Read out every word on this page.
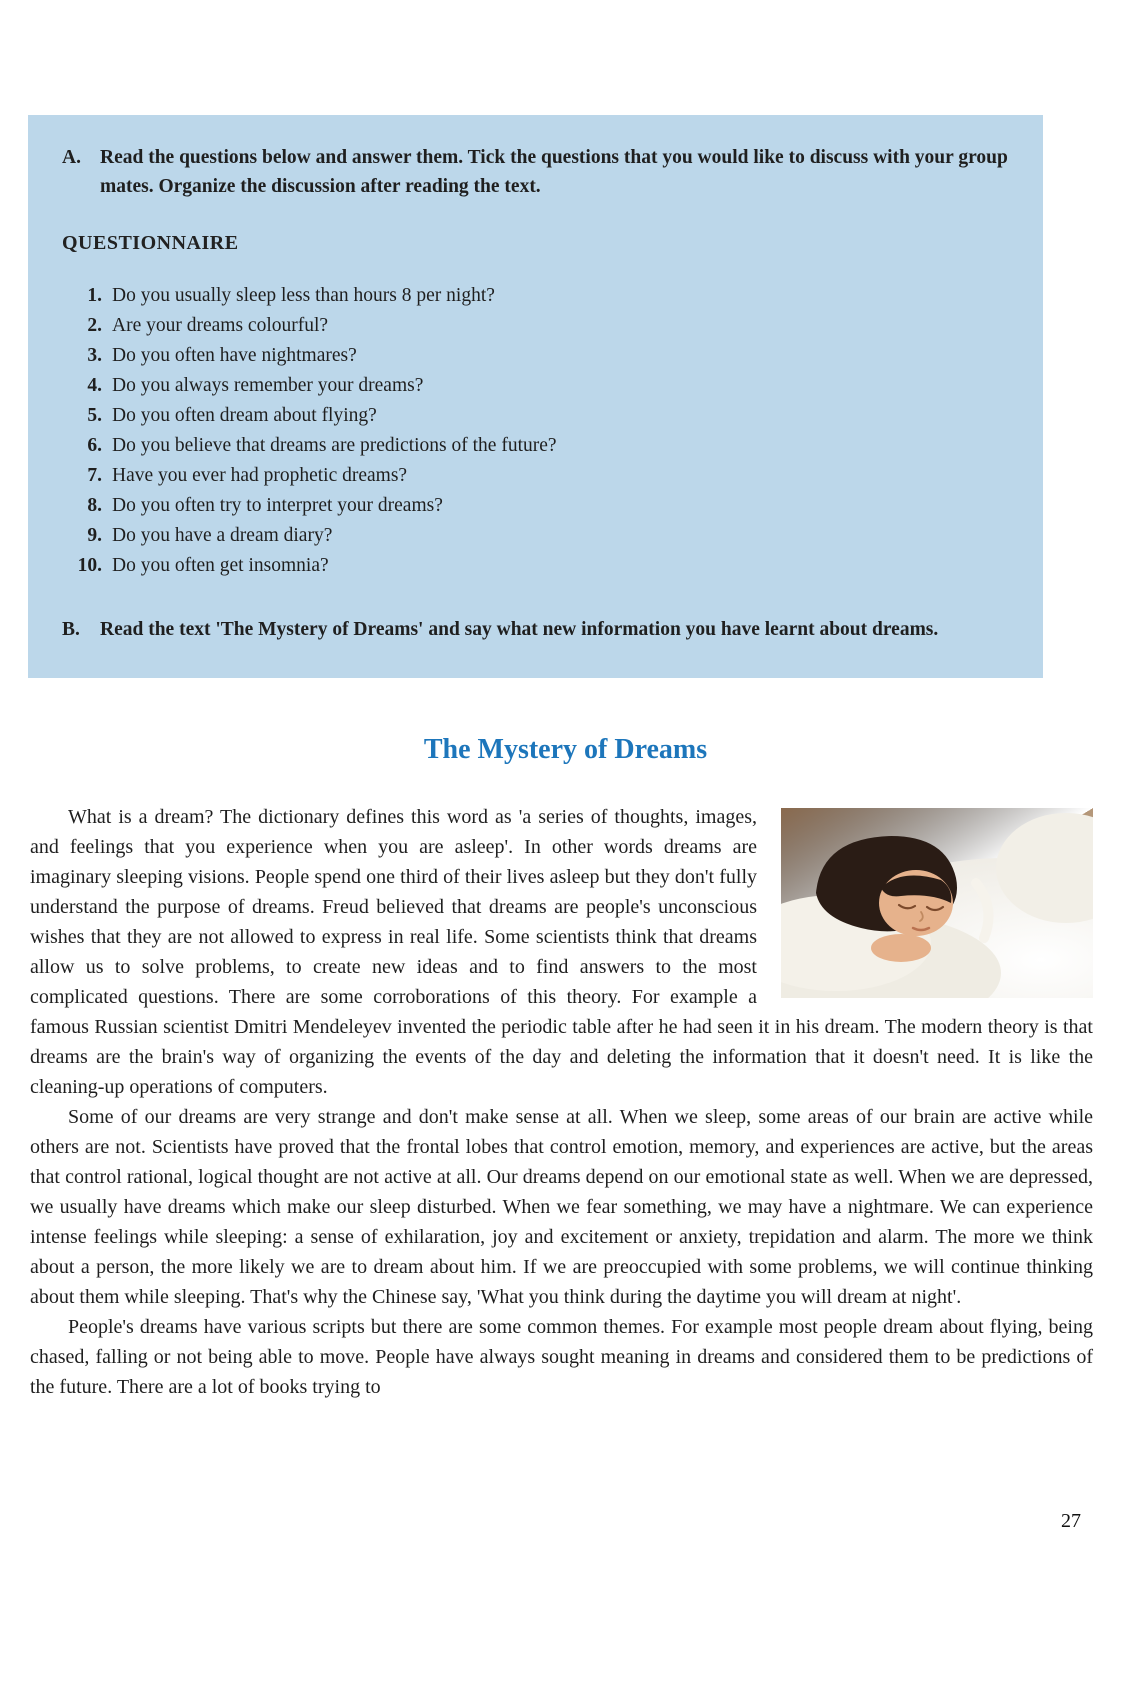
A. Read the questions below and answer them. Tick the questions that you would like to discuss with your group mates. Organize the discussion after reading the text.
QUESTIONNAIRE
1. Do you usually sleep less than hours 8 per night?
2. Are your dreams colourful?
3. Do you often have nightmares?
4. Do you always remember your dreams?
5. Do you often dream about flying?
6. Do you believe that dreams are predictions of the future?
7. Have you ever had prophetic dreams?
8. Do you often try to interpret your dreams?
9. Do you have a dream diary?
10. Do you often get insomnia?
B.	Read the text 'The Mystery of Dreams' and say what new information you have learnt about dreams.
The Mystery of Dreams
What is a dream? The dictionary defines this word as 'a series of thoughts, images, and feelings that you experience when you are asleep'. In other words dreams are imaginary sleeping visions. People spend one third of their lives asleep but they don't fully understand the purpose of dreams. Freud believed that dreams are people's unconscious wishes that they are not allowed to express in real life. Some scientists think that dreams allow us to solve problems, to create new ideas and to find answers to the most complicated questions. There are some corroborations of this theory. For example a famous Russian scientist Dmitri Mendeleyev invented the periodic table after he had seen it in his dream. The modern theory is that dreams are the brain's way of organizing the events of the day and deleting the information that it doesn't need. It is like the cleaning-up operations of computers.
Some of our dreams are very strange and don't make sense at all. When we sleep, some areas of our brain are active while others are not. Scientists have proved that the frontal lobes that control emotion, memory, and experiences are active, but the areas that control rational, logical thought are not active at all. Our dreams depend on our emotional state as well. When we are depressed, we usually have dreams which make our sleep disturbed. When we fear something, we may have a nightmare. We can experience intense feelings while sleeping: a sense of exhilaration, joy and excitement or anxiety, trepidation and alarm. The more we think about a person, the more likely we are to dream about him. If we are preoccupied with some problems, we will continue thinking about them while sleeping. That's why the Chinese say, 'What you think during the daytime you will dream at night'.
People's dreams have various scripts but there are some common themes. For example most people dream about flying, being chased, falling or not being able to move. People have always sought meaning in dreams and considered them to be predictions of the future. There are a lot of books trying to
27
